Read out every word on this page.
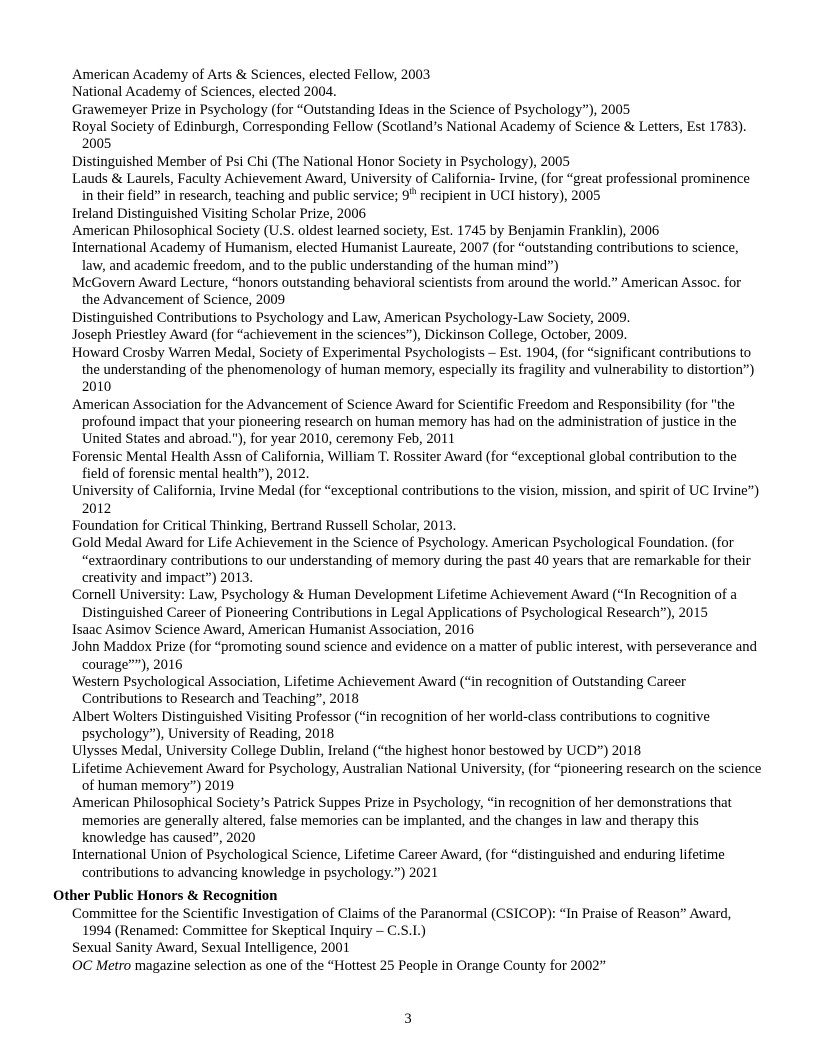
American Academy of Arts & Sciences, elected Fellow, 2003

National Academy of Sciences, elected 2004.

Grawemeyer Prize in Psychology (for “Outstanding Ideas in the Science of Psychology”), 2005

Royal Society of Edinburgh, Corresponding Fellow (Scotland’s National Academy of Science & Letters, Est 1783). 2005

Distinguished Member of Psi Chi (The National Honor Society in Psychology), 2005

Lauds & Laurels, Faculty Achievement Award, University of California- Irvine, (for “great professional prominence in their field” in research, teaching and public service; 9th recipient in UCI history), 2005

Ireland Distinguished Visiting Scholar Prize, 2006

American Philosophical Society (U.S. oldest learned society, Est. 1745 by Benjamin Franklin), 2006

International Academy of Humanism, elected Humanist Laureate, 2007 (for “outstanding contributions to science, law, and academic freedom, and to the public understanding of the human mind”)

McGovern Award Lecture, “honors outstanding behavioral scientists from around the world.” American Assoc. for the Advancement of Science, 2009

Distinguished Contributions to Psychology and Law, American Psychology-Law Society, 2009.

Joseph Priestley Award (for “achievement in the sciences”), Dickinson College, October, 2009.

Howard Crosby Warren Medal, Society of Experimental Psychologists – Est. 1904, (for “significant contributions to the understanding of the phenomenology of human memory, especially its fragility and vulnerability to distortion”) 2010

American Association for the Advancement of Science Award for Scientific Freedom and Responsibility (for "the profound impact that your pioneering research on human memory has had on the administration of justice in the United States and abroad."), for year 2010, ceremony Feb, 2011

Forensic Mental Health Assn of California, William T. Rossiter Award (for “exceptional global contribution to the field of forensic mental health”), 2012.

University of California, Irvine Medal (for “exceptional contributions to the vision, mission, and spirit of UC Irvine”) 2012

Foundation for Critical Thinking, Bertrand Russell Scholar, 2013.

Gold Medal Award for Life Achievement in the Science of Psychology. American Psychological Foundation. (for “extraordinary contributions to our understanding of memory during the past 40 years that are remarkable for their creativity and impact”) 2013.

Cornell University: Law, Psychology & Human Development Lifetime Achievement Award (“In Recognition of a Distinguished Career of Pioneering Contributions in Legal Applications of Psychological Research”), 2015

Isaac Asimov Science Award, American Humanist Association, 2016

John Maddox Prize (for “promoting sound science and evidence on a matter of public interest, with perseverance and courage””), 2016

Western Psychological Association, Lifetime Achievement Award (“in recognition of Outstanding Career Contributions to Research and Teaching”, 2018

Albert Wolters Distinguished Visiting Professor (“in recognition of her world-class contributions to cognitive psychology”), University of Reading, 2018

Ulysses Medal, University College Dublin, Ireland (“the highest honor bestowed by UCD”) 2018

Lifetime Achievement Award for Psychology, Australian National University, (for “pioneering research on the science of human memory”) 2019

American Philosophical Society’s Patrick Suppes Prize in Psychology, “in recognition of her demonstrations that memories are generally altered, false memories can be implanted, and the changes in law and therapy this knowledge has caused”, 2020

International Union of Psychological Science, Lifetime Career Award, (for “distinguished and enduring lifetime contributions to advancing knowledge in psychology.”) 2021

Other Public Honors & Recognition

Committee for the Scientific Investigation of Claims of the Paranormal (CSICOP): “In Praise of Reason” Award, 1994 (Renamed: Committee for Skeptical Inquiry – C.S.I.)

Sexual Sanity Award, Sexual Intelligence, 2001

OC Metro magazine selection as one of the “Hottest 25 People in Orange County for 2002”

3
